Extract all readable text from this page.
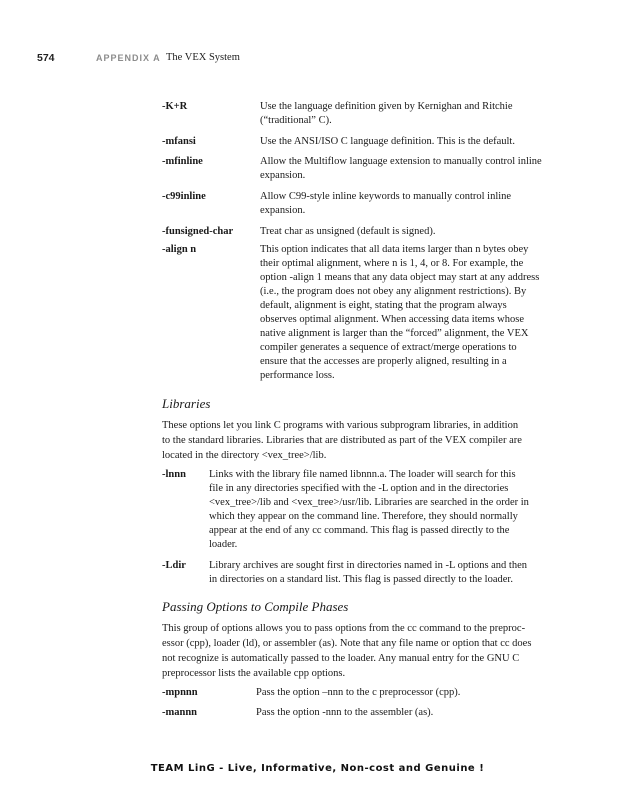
574	APPENDIX A The VEX System
-K+R	Use the language definition given by Kernighan and Ritchie
(“traditional” C).
-mfansi	Use the ANSI/ISO C language definition. This is the default.
-mfinline	Allow the Multiflow language extension to manually control inline
expansion.
-c99inline	Allow C99-style inline keywords to manually control inline
expansion.
-funsigned-char	Treat char as unsigned (default is signed).
-align n	This option indicates that all data items larger than n bytes obey
their optimal alignment, where n is 1, 4, or 8. For example, the
option -align 1 means that any data object may start at any address
(i.e., the program does not obey any alignment restrictions). By
default, alignment is eight, stating that the program always
observes optimal alignment. When accessing data items whose
native alignment is larger than the “forced” alignment, the VEX
compiler generates a sequence of extract/merge operations to
ensure that the accesses are properly aligned, resulting in a
performance loss.
Libraries
These options let you link C programs with various subprogram libraries, in addition
to the standard libraries. Libraries that are distributed as part of the VEX compiler are
located in the directory <vex_tree>/lib.
-lnnn Links with the library file named libnnn.a. The loader will search for this
file in any directories specified with the -L option and in the directories
<vex_tree>/lib and <vex_tree>/usr/lib. Libraries are searched in the order in
which they appear on the command line. Therefore, they should normally
appear at the end of any cc command. This flag is passed directly to the
loader.
-Ldir Library archives are sought first in directories named in -L options and then
in directories on a standard list. This flag is passed directly to the loader.
Passing Options to Compile Phases
This group of options allows you to pass options from the cc command to the preproc-
essor (cpp), loader (ld), or assembler (as). Note that any file name or option that cc does
not recognize is automatically passed to the loader. Any manual entry for the GNU C
preprocessor lists the available cpp options.
-mpnnn	Pass the option –nnn to the c preprocessor (cpp).
-mannn	Pass the option -nnn to the assembler (as).
TEAM LinG - Live, Informative, Non-cost and Genuine !
